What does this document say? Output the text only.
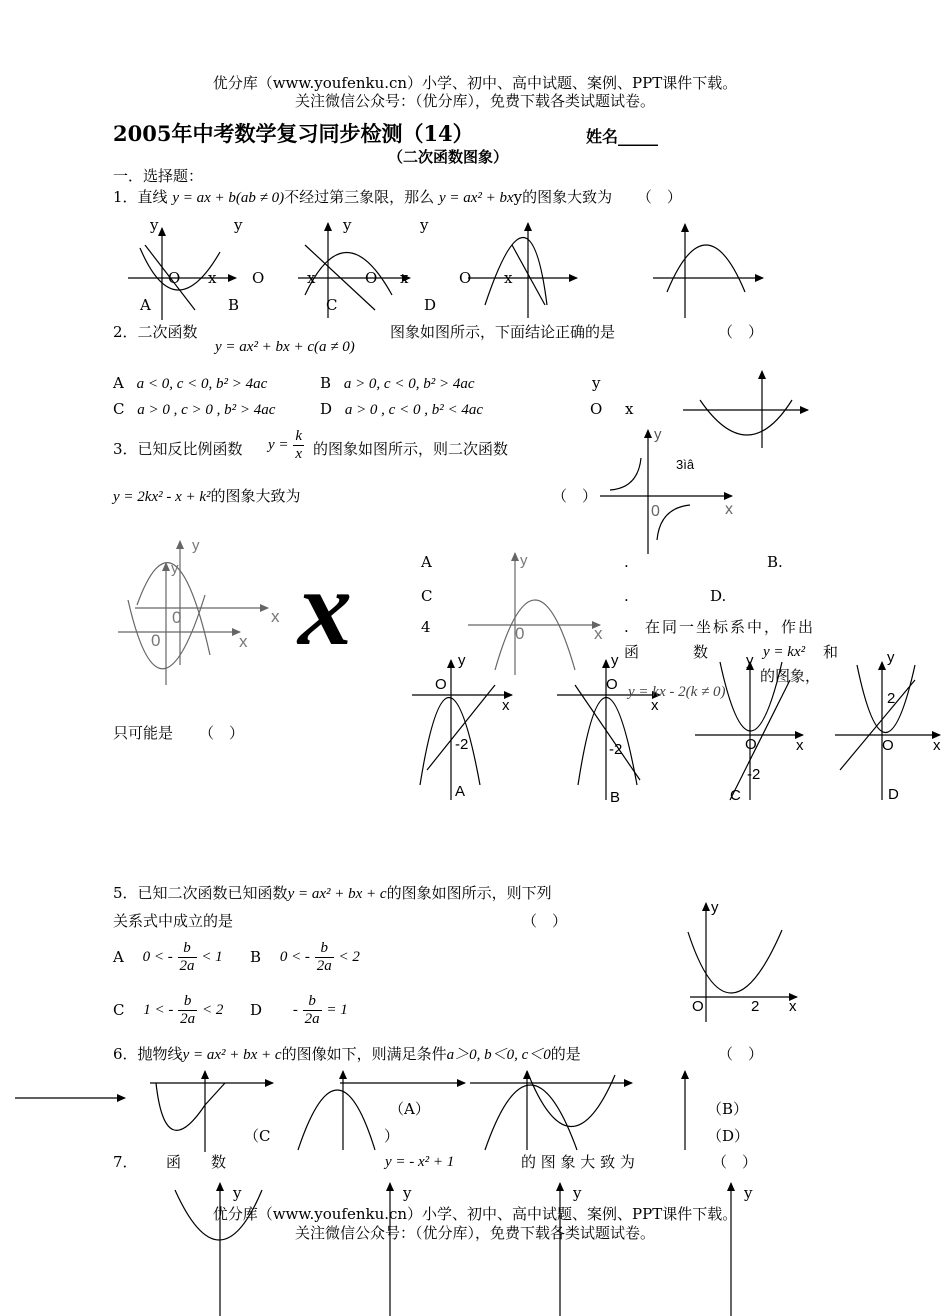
优分库（www.youfenku.cn）小学、初中、高中试题、案例、PPT课件下载。
关注微信公众号：（优分库），免费下载各类试题试卷。
2005年中考数学复习同步检测（14）	姓名_____
（二次函数图象）
一．选择题：
1．直线 y = ax + b(ab ≠ 0)不经过第三象限，那么 y = ax² + bxy的图象大致为 （　）
y	y	y	y
O x O	x	O x	O x
A	B	C	D
2．二次函数
y = ax² + bx + c(a ≠ 0)
图象如图所示，下面结论正确的是	（　）
A a < 0, c < 0, b² > 4ac	B a > 0, c < 0, b² > 4ac
C a > 0 , c > 0 , b² > 4ac	D a > 0 , c < 0 , b² < 4ac
y
O x
3．已知反比例函数 $y = \frac{k}{x}$ 的图象如图所示，则二次函数
y = 2kx² - x + k²的图象大致为	（　）
y
3ìâ
0	x
y
y
0
0
x
x
y
0	x
x	A	.	B.
C	.	D.
4	. 在同一坐标系中，作出
函	数	y = kx² 和
的图象，
y = kx - 2(k ≠ 0)
只可能是 （　）
y
O
x
-2
A
y
O
x
-2
B
y
O	x
-2
C
y
2
O	x
D
5．已知二次函数已知函数y = ax² + bx + c的图象如图所示，则下列
关系式中成立的是	（　）
A 0 < - $\frac{b}{2a} < 1$ B 0 < - $\frac{b}{2a} < 2$
C 1 < - $\frac{b}{2a} < 2$ $D - \frac{b}{2a} = 1$
y
O	2 x
6．抛物线y = ax² + bx + c的图像如下，则满足条件a＞0, b＜0, c＜0的是	（　）
（A）	（B）
（C	）	（D）
7． 函　　数	y = - x² + 1	的 图 象 大 致 为	（　）
y	y	y	y
优分库（www.youfenku.cn）小学、初中、高中试题、案例、PPT课件下载。
关注微信公众号：（优分库），免费下载各类试题试卷。
